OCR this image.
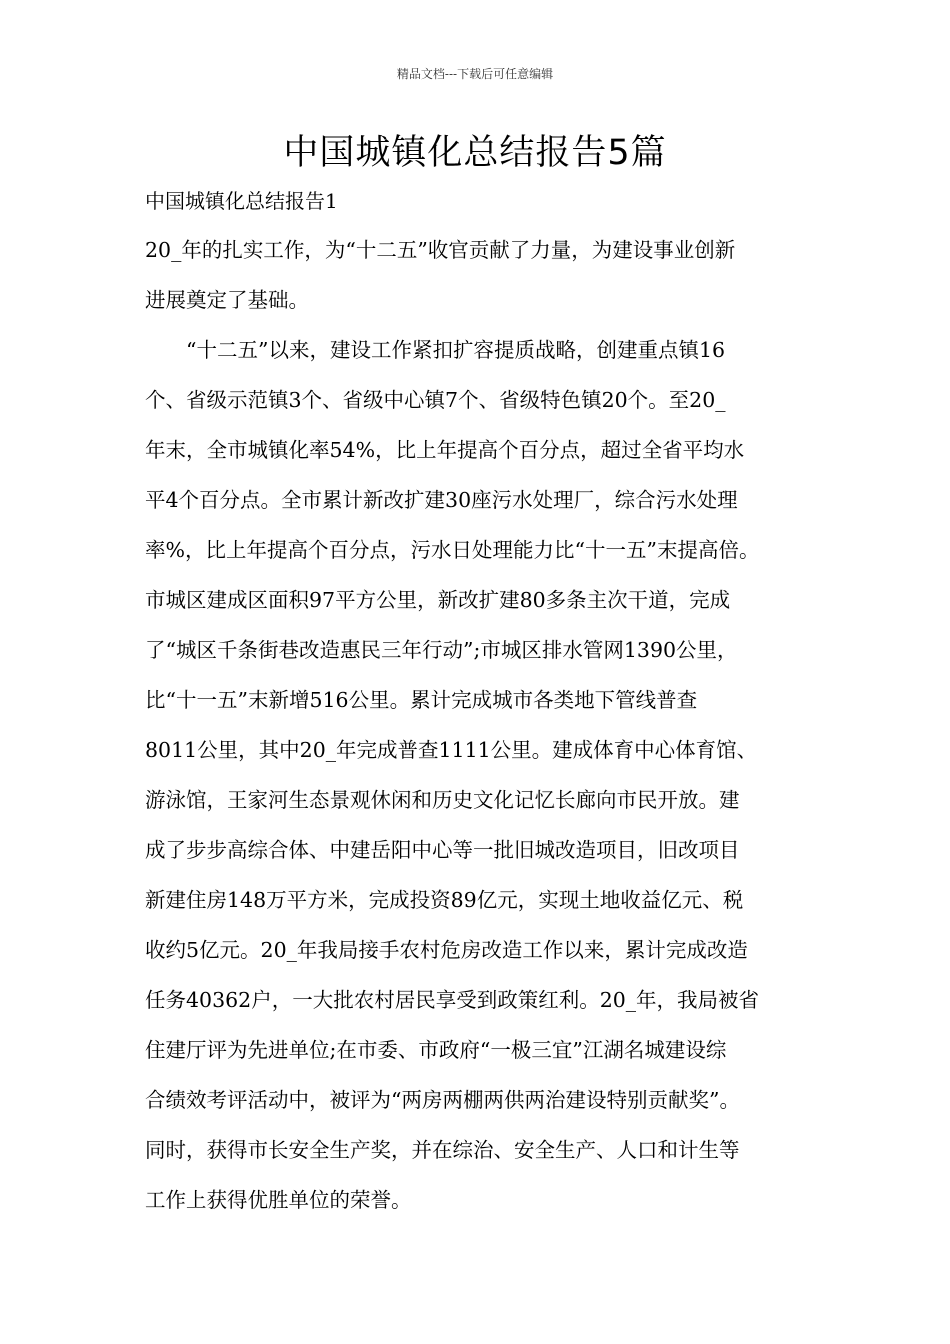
精品文档---下载后可任意编辑
中国城镇化总结报告5篇
中国城镇化总结报告1
20_年的扎实工作，为“十二五”收官贡献了力量，为建设事业创新
进展奠定了基础。
　　“十二五”以来，建设工作紧扣扩容提质战略，创建重点镇16
个、省级示范镇3个、省级中心镇7个、省级特色镇20个。至20_
年末，全市城镇化率54%，比上年提高个百分点，超过全省平均水
平4个百分点。全市累计新改扩建30座污水处理厂，综合污水处理
率%，比上年提高个百分点，污水日处理能力比“十一五”末提高倍。
市城区建成区面积97平方公里，新改扩建80多条主次干道，完成
了“城区千条街巷改造惠民三年行动”;市城区排水管网1390公里，
比“十一五”末新增516公里。累计完成城市各类地下管线普查
8011公里，其中20_年完成普查1111公里。建成体育中心体育馆、
游泳馆，王家河生态景观休闲和历史文化记忆长廊向市民开放。建
成了步步高综合体、中建岳阳中心等一批旧城改造项目，旧改项目
新建住房148万平方米，完成投资89亿元，实现土地收益亿元、税
收约5亿元。20_年我局接手农村危房改造工作以来，累计完成改造
任务40362户，一大批农村居民享受到政策红利。20_年，我局被省
住建厅评为先进单位;在市委、市政府“一极三宜”江湖名城建设综
合绩效考评活动中，被评为“两房两棚两供两治建设特别贡献奖”。
同时，获得市长安全生产奖，并在综治、安全生产、人口和计生等
工作上获得优胜单位的荣誉。
